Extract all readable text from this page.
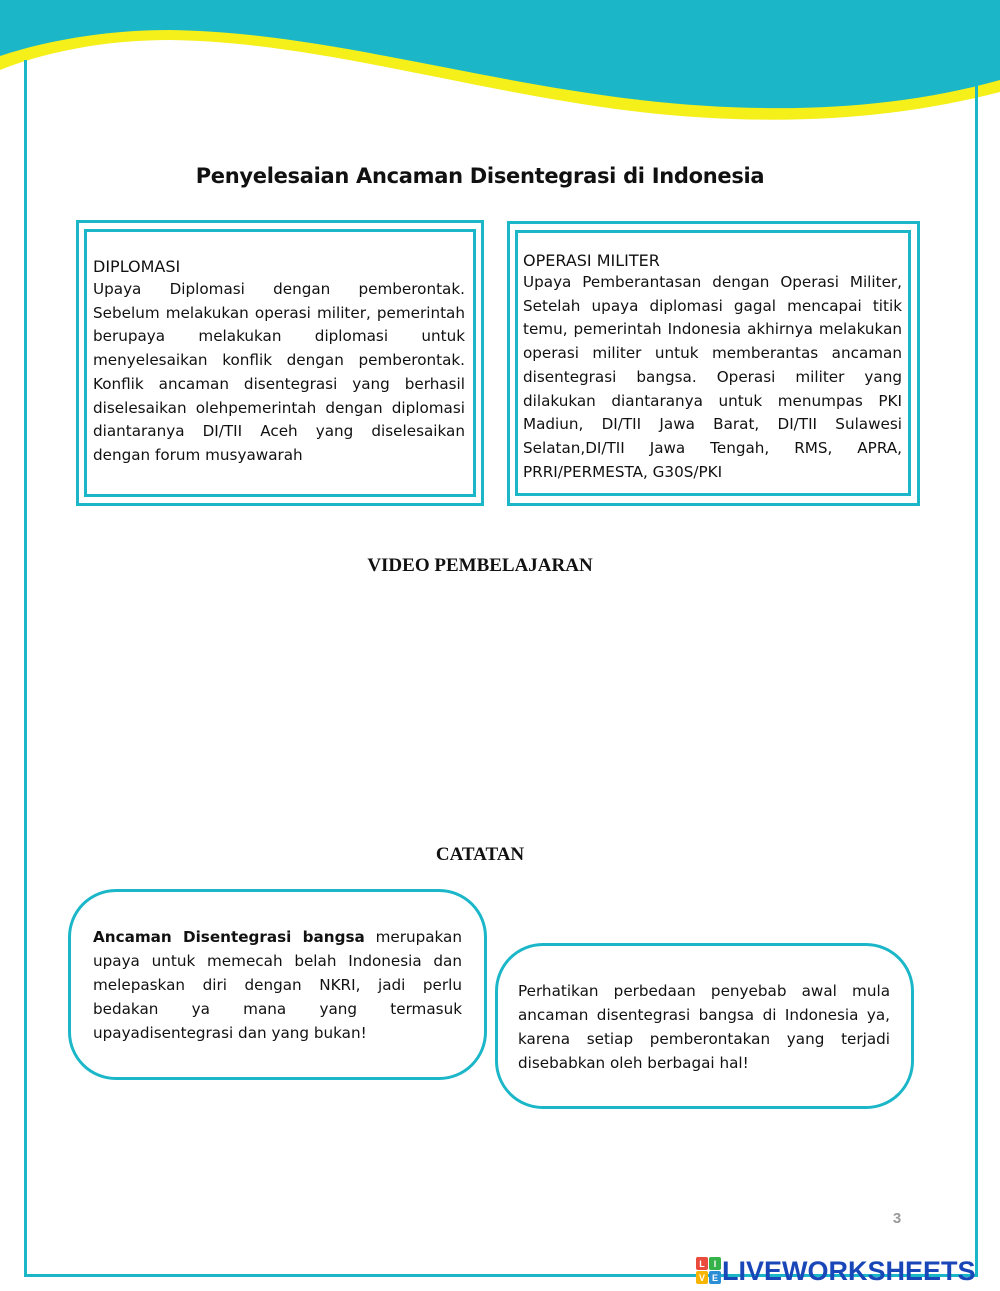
Penyelesaian Ancaman Disentegrasi di Indonesia
DIPLOMASI
Upaya Diplomasi dengan pemberontak. Sebelum melakukan operasi militer, pemerintah berupaya melakukan diplomasi untuk menyelesaikan konflik dengan pemberontak. Konflik ancaman disentegrasi yang berhasil diselesaikan olehpemerintah dengan diplomasi diantaranya DI/TII Aceh yang diselesaikan dengan forum musyawarah
OPERASI MILITER
Upaya Pemberantasan dengan Operasi Militer, Setelah upaya diplomasi gagal mencapai titik temu, pemerintah Indonesia akhirnya melakukan operasi militer untuk memberantas ancaman disentegrasi bangsa. Operasi militer yang dilakukan diantaranya untuk menumpas PKI Madiun, DI/TII Jawa Barat, DI/TII Sulawesi Selatan,DI/TII Jawa Tengah, RMS, APRA, PRRI/PERMESTA, G30S/PKI
VIDEO PEMBELAJARAN
CATATAN
Ancaman Disentegrasi bangsa merupakan upaya untuk memecah belah Indonesia dan melepaskan diri dengan NKRI, jadi perlu bedakan ya mana yang termasuk upayadisentegrasi dan yang bukan!
Perhatikan perbedaan penyebab awal mula ancaman disentegrasi bangsa di Indonesia ya, karena setiap pemberontakan yang terjadi disebabkan oleh berbagai hal!
3
L I
V E LIVEWORKSHEETS
